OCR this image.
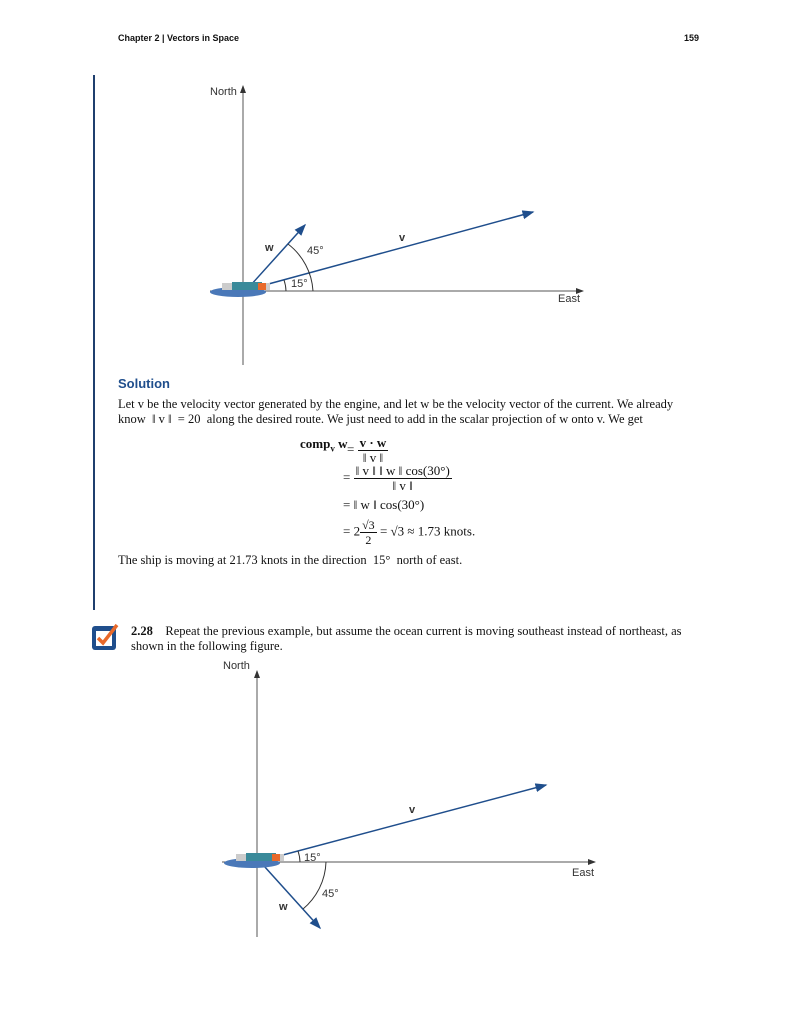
Chapter 2 | Vectors in Space	159
North
East
w
v
45°
15°
Solution
Let v be the velocity vector generated by the engine, and let w be the velocity vector of the current. We already
know  ‖ v ‖  = 20  along the desired route. We just need to add in the scalar projection of w onto v. We get
comp$_v$ $w = \frac{v \cdot w}{‖ v ‖}$
= $\frac{‖ v ‖ ‖ w ‖ \cos(30^\circ)}{‖ v ‖}$
= ‖ w ‖ cos(30°)
= $2 \frac{√3}{2} = √3 \approx 1.73$ knots.
The ship is moving at 21.73 knots in the direction  15°  north of east.
2.28 Repeat the previous example, but assume the ocean current is moving southeast instead of northeast, as
shown in the following figure.
North
East
v
w
15°
45°
